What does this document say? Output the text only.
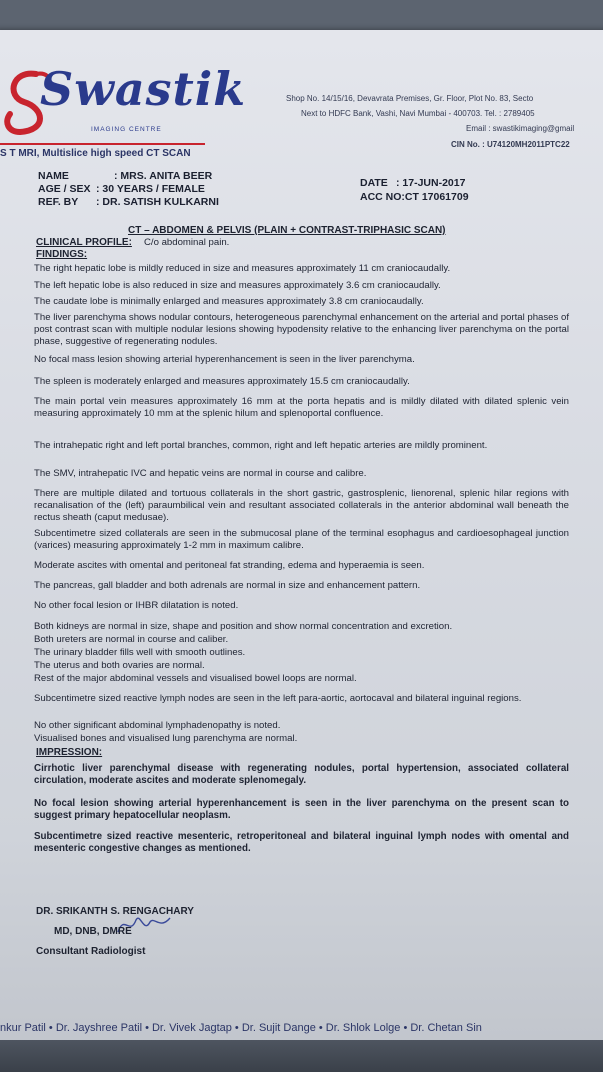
Swastik
IMAGING CENTRE
S T MRI, Multislice high speed CT SCAN
Shop No. 14/15/16, Devavrata Premises, Gr. Floor, Plot No. 83, Secto
Next to HDFC Bank, Vashi, Navi Mumbai - 400703. Tel. : 2789405
Email : swastikimaging@gmail
CIN No. : U74120MH2011PTC22
NAME	: MRS. ANITA BEER
AGE / SEX : 30 YEARS / FEMALE
REF. BY : DR. SATISH KULKARNI
DATE : 17-JUN-2017
ACC NO:CT 17061709
CT – ABDOMEN & PELVIS (PLAIN + CONTRAST-TRIPHASIC SCAN)
CLINICAL PROFILE: C/o abdominal pain.
FINDINGS:
The right hepatic lobe is mildly reduced in size and measures approximately 11 cm craniocaudally.
The left hepatic lobe is also reduced in size and measures approximately 3.6 cm craniocaudally.
The caudate lobe is minimally enlarged and measures approximately 3.8 cm craniocaudally.
The liver parenchyma shows nodular contours, heterogeneous parenchymal enhancement on the arterial and portal phases of post contrast scan with multiple nodular lesions showing hypodensity relative to the enhancing liver parenchyma on the portal phase, suggestive of regenerating nodules.
No focal mass lesion showing arterial hyperenhancement is seen in the liver parenchyma.
The spleen is moderately enlarged and measures approximately 15.5 cm craniocaudally.
The main portal vein measures approximately 16 mm at the porta hepatis and is mildly dilated with dilated splenic vein measuring approximately 10 mm at the splenic hilum and splenoportal confluence.
The intrahepatic right and left portal branches, common, right and left hepatic arteries are mildly prominent.
The SMV, intrahepatic IVC and hepatic veins are normal in course and calibre.
There are multiple dilated and tortuous collaterals in the short gastric, gastrosplenic, lienorenal, splenic hilar regions with recanalisation of the (left) paraumbilical vein and resultant associated collaterals in the anterior abdominal wall beneath the rectus sheath (caput medusae).
Subcentimetre sized collaterals are seen in the submucosal plane of the terminal esophagus and cardioesophageal junction (varices) measuring approximately 1-2 mm in maximum calibre.
Moderate ascites with omental and peritoneal fat stranding, edema and hyperaemia is seen.
The pancreas, gall bladder and both adrenals are normal in size and enhancement pattern.
No other focal lesion or IHBR dilatation is noted.
Both kidneys are normal in size, shape and position and show normal concentration and excretion.
Both ureters are normal in course and caliber.
The urinary bladder fills well with smooth outlines.
The uterus and both ovaries are normal.
Rest of the major abdominal vessels and visualised bowel loops are normal.
Subcentimetre sized reactive lymph nodes are seen in the left para-aortic, aortocaval and bilateral inguinal regions.
No other significant abdominal lymphadenopathy is noted.
Visualised bones and visualised lung parenchyma are normal.
IMPRESSION:
Cirrhotic liver parenchymal disease with regenerating nodules, portal hypertension, associated collateral circulation, moderate ascites and moderate splenomegaly.
No focal lesion showing arterial hyperenhancement is seen in the liver parenchyma on the present scan to suggest primary hepatocellular neoplasm.
Subcentimetre sized reactive mesenteric, retroperitoneal and bilateral inguinal lymph nodes with omental and mesenteric congestive changes as mentioned.
DR. SRIKANTH S. RENGACHARY
MD, DNB, DMRE
Consultant Radiologist
nkur Patil • Dr. Jayshree Patil • Dr. Vivek Jagtap • Dr. Sujit Dange • Dr. Shlok Lolge • Dr. Chetan Sin
